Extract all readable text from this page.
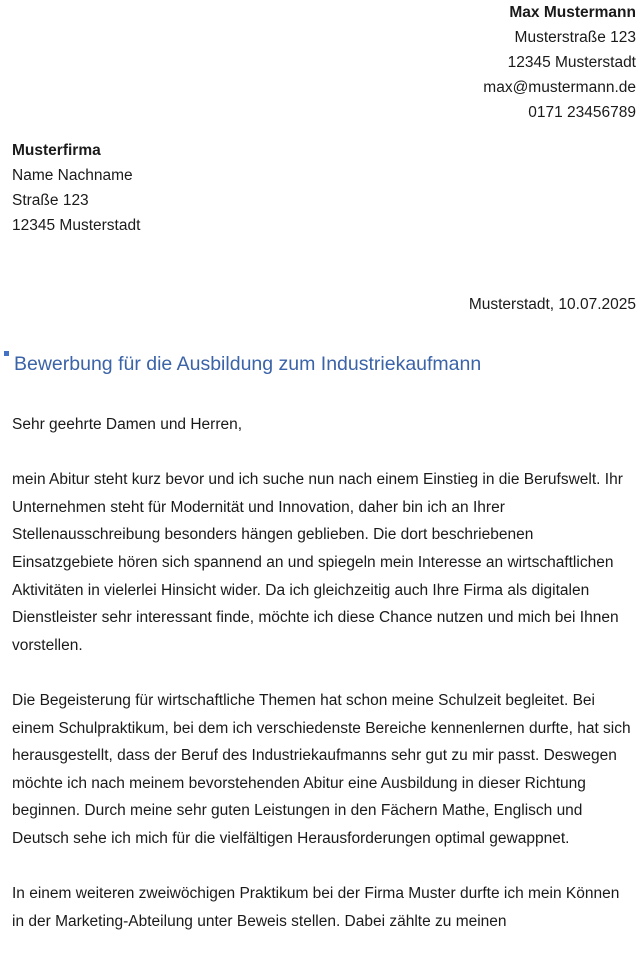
Max Mustermann
Musterstraße 123
12345 Musterstadt
max@mustermann.de
0171 23456789
Musterfirma
Name Nachname
Straße 123
12345 Musterstadt
Musterstadt, 10.07.2025
Bewerbung für die Ausbildung zum Industriekaufmann

Sehr geehrte Damen und Herren,

mein Abitur steht kurz bevor und ich suche nun nach einem Einstieg in die Berufswelt. Ihr Unternehmen steht für Modernität und Innovation, daher bin ich an Ihrer Stellenausschreibung besonders hängen geblieben. Die dort beschriebenen Einsatzgebiete hören sich spannend an und spiegeln mein Interesse an wirtschaftlichen Aktivitäten in vielerlei Hinsicht wider. Da ich gleichzeitig auch Ihre Firma als digitalen Dienstleister sehr interessant finde, möchte ich diese Chance nutzen und mich bei Ihnen vorstellen.

Die Begeisterung für wirtschaftliche Themen hat schon meine Schulzeit begleitet. Bei einem Schulpraktikum, bei dem ich verschiedenste Bereiche kennenlernen durfte, hat sich herausgestellt, dass der Beruf des Industriekaufmanns sehr gut zu mir passt. Deswegen möchte ich nach meinem bevorstehenden Abitur eine Ausbildung in dieser Richtung beginnen. Durch meine sehr guten Leistungen in den Fächern Mathe, Englisch und Deutsch sehe ich mich für die vielfältigen Herausforderungen optimal gewappnet.

In einem weiteren zweiwöchigen Praktikum bei der Firma Muster durfte ich mein Können in der Marketing-Abteilung unter Beweis stellen. Dabei zählte zu meinen
